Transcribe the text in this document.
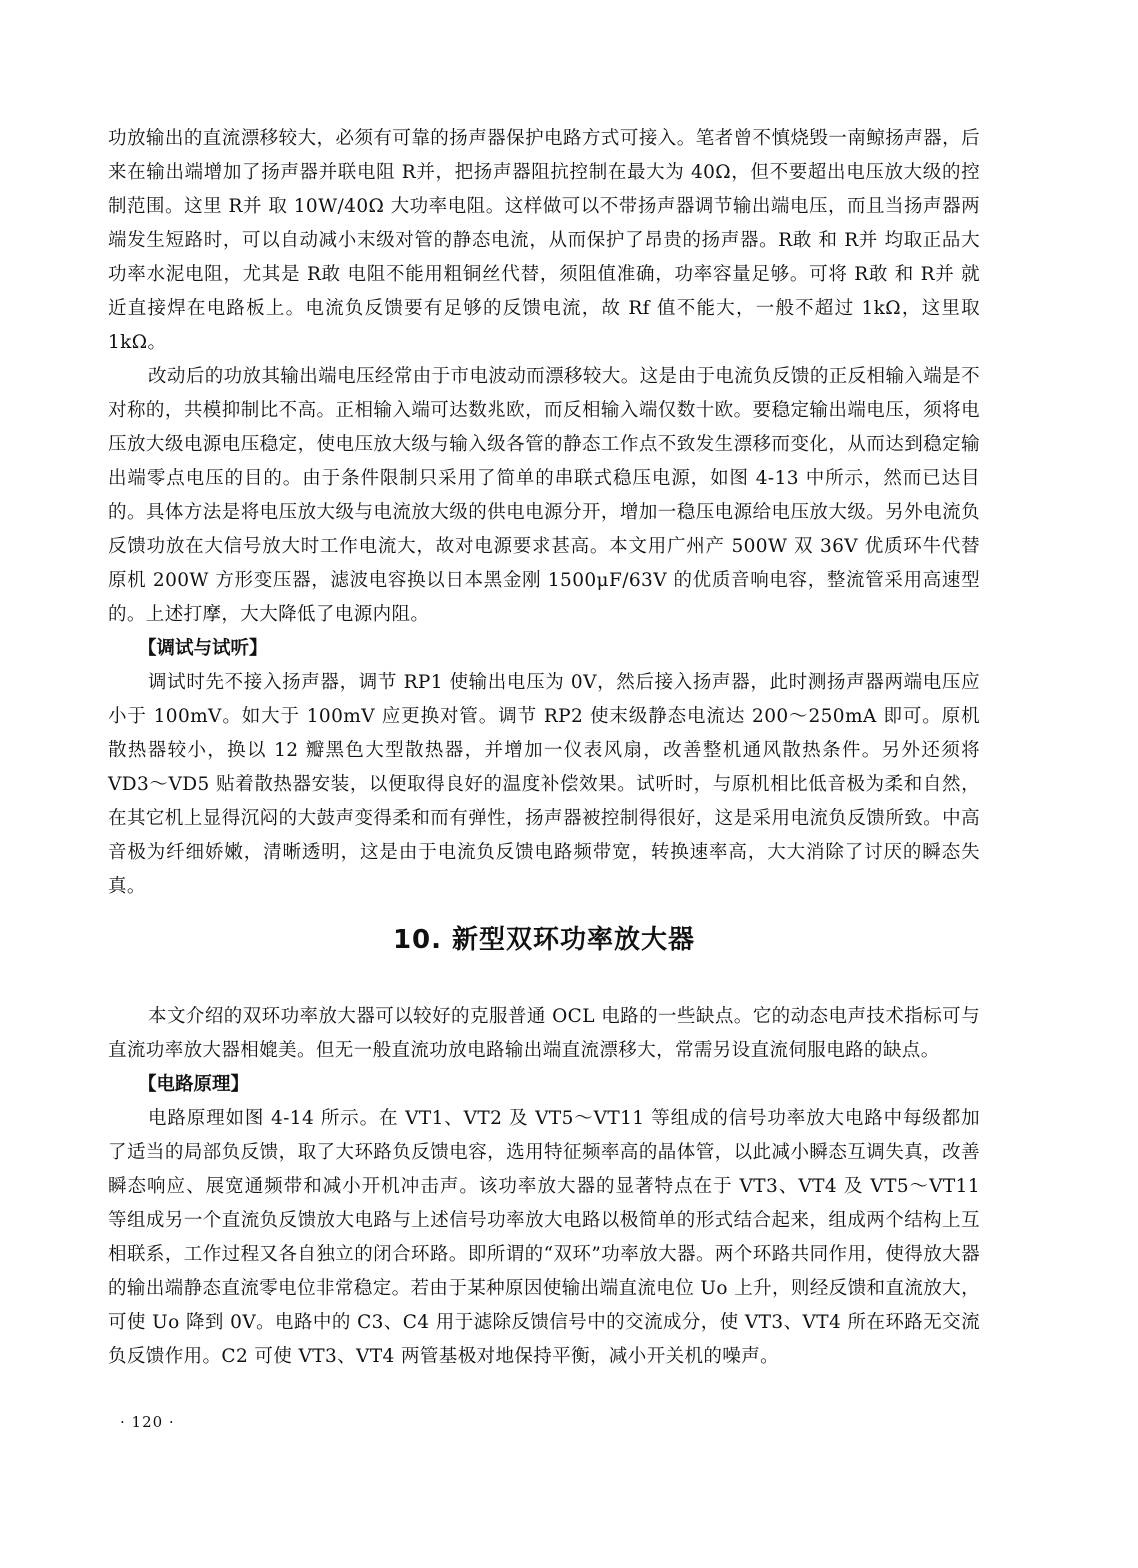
功放输出的直流漂移较大，必须有可靠的扬声器保护电路方式可接入。笔者曾不慎烧毁一南鲸扬声器，后来在输出端增加了扬声器并联电阻 R并，把扬声器阻抗控制在最大为 40Ω，但不要超出电压放大级的控制范围。这里 R并 取 10W/40Ω 大功率电阻。这样做可以不带扬声器调节输出端电压，而且当扬声器两端发生短路时，可以自动减小末级对管的静态电流，从而保护了昂贵的扬声器。R敢 和 R并 均取正品大功率水泥电阻，尤其是 R敢 电阻不能用粗铜丝代替，须阻值准确，功率容量足够。可将 R敢 和 R并 就近直接焊在电路板上。电流负反馈要有足够的反馈电流，故 Rf 值不能大，一般不超过 1kΩ，这里取 1kΩ。

改动后的功放其输出端电压经常由于市电波动而漂移较大。这是由于电流负反馈的正反相输入端是不对称的，共模抑制比不高。正相输入端可达数兆欧，而反相输入端仅数十欧。要稳定输出端电压，须将电压放大级电源电压稳定，使电压放大级与输入级各管的静态工作点不致发生漂移而变化，从而达到稳定输出端零点电压的目的。由于条件限制只采用了简单的串联式稳压电源，如图 4-13 中所示，然而已达目的。具体方法是将电压放大级与电流放大级的供电电源分开，增加一稳压电源给电压放大级。另外电流负反馈功放在大信号放大时工作电流大，故对电源要求甚高。本文用广州产 500W 双 36V 优质环牛代替原机 200W 方形变压器，滤波电容换以日本黑金刚 1500μF/63V 的优质音响电容，整流管采用高速型的。上述打摩，大大降低了电源内阻。

【调试与试听】

调试时先不接入扬声器，调节 RP1 使输出电压为 0V，然后接入扬声器，此时测扬声器两端电压应小于 100mV。如大于 100mV 应更换对管。调节 RP2 使末级静态电流达 200～250mA 即可。原机散热器较小，换以 12 瓣黑色大型散热器，并增加一仪表风扇，改善整机通风散热条件。另外还须将 VD3～VD5 贴着散热器安装，以便取得良好的温度补偿效果。试听时，与原机相比低音极为柔和自然，在其它机上显得沉闷的大鼓声变得柔和而有弹性，扬声器被控制得很好，这是采用电流负反馈所致。中高音极为纤细娇嫩，清晰透明，这是由于电流负反馈电路频带宽，转换速率高，大大消除了讨厌的瞬态失真。

10. 新型双环功率放大器

本文介绍的双环功率放大器可以较好的克服普通 OCL 电路的一些缺点。它的动态电声技术指标可与直流功率放大器相媲美。但无一般直流功放电路输出端直流漂移大，常需另设直流伺服电路的缺点。

【电路原理】

电路原理如图 4-14 所示。在 VT1、VT2 及 VT5～VT11 等组成的信号功率放大电路中每级都加了适当的局部负反馈，取了大环路负反馈电容，选用特征频率高的晶体管，以此减小瞬态互调失真，改善瞬态响应、展宽通频带和减小开机冲击声。该功率放大器的显著特点在于 VT3、VT4 及 VT5～VT11 等组成另一个直流负反馈放大电路与上述信号功率放大电路以极简单的形式结合起来，组成两个结构上互相联系，工作过程又各自独立的闭合环路。即所谓的“双环”功率放大器。两个环路共同作用，使得放大器的输出端静态直流零电位非常稳定。若由于某种原因使输出端直流电位 Uo 上升，则经反馈和直流放大，可使 Uo 降到 0V。电路中的 C3、C4 用于滤除反馈信号中的交流成分，使 VT3、VT4 所在环路无交流负反馈作用。C2 可使 VT3、VT4 两管基极对地保持平衡，减小开关机的噪声。

· 120 ·
